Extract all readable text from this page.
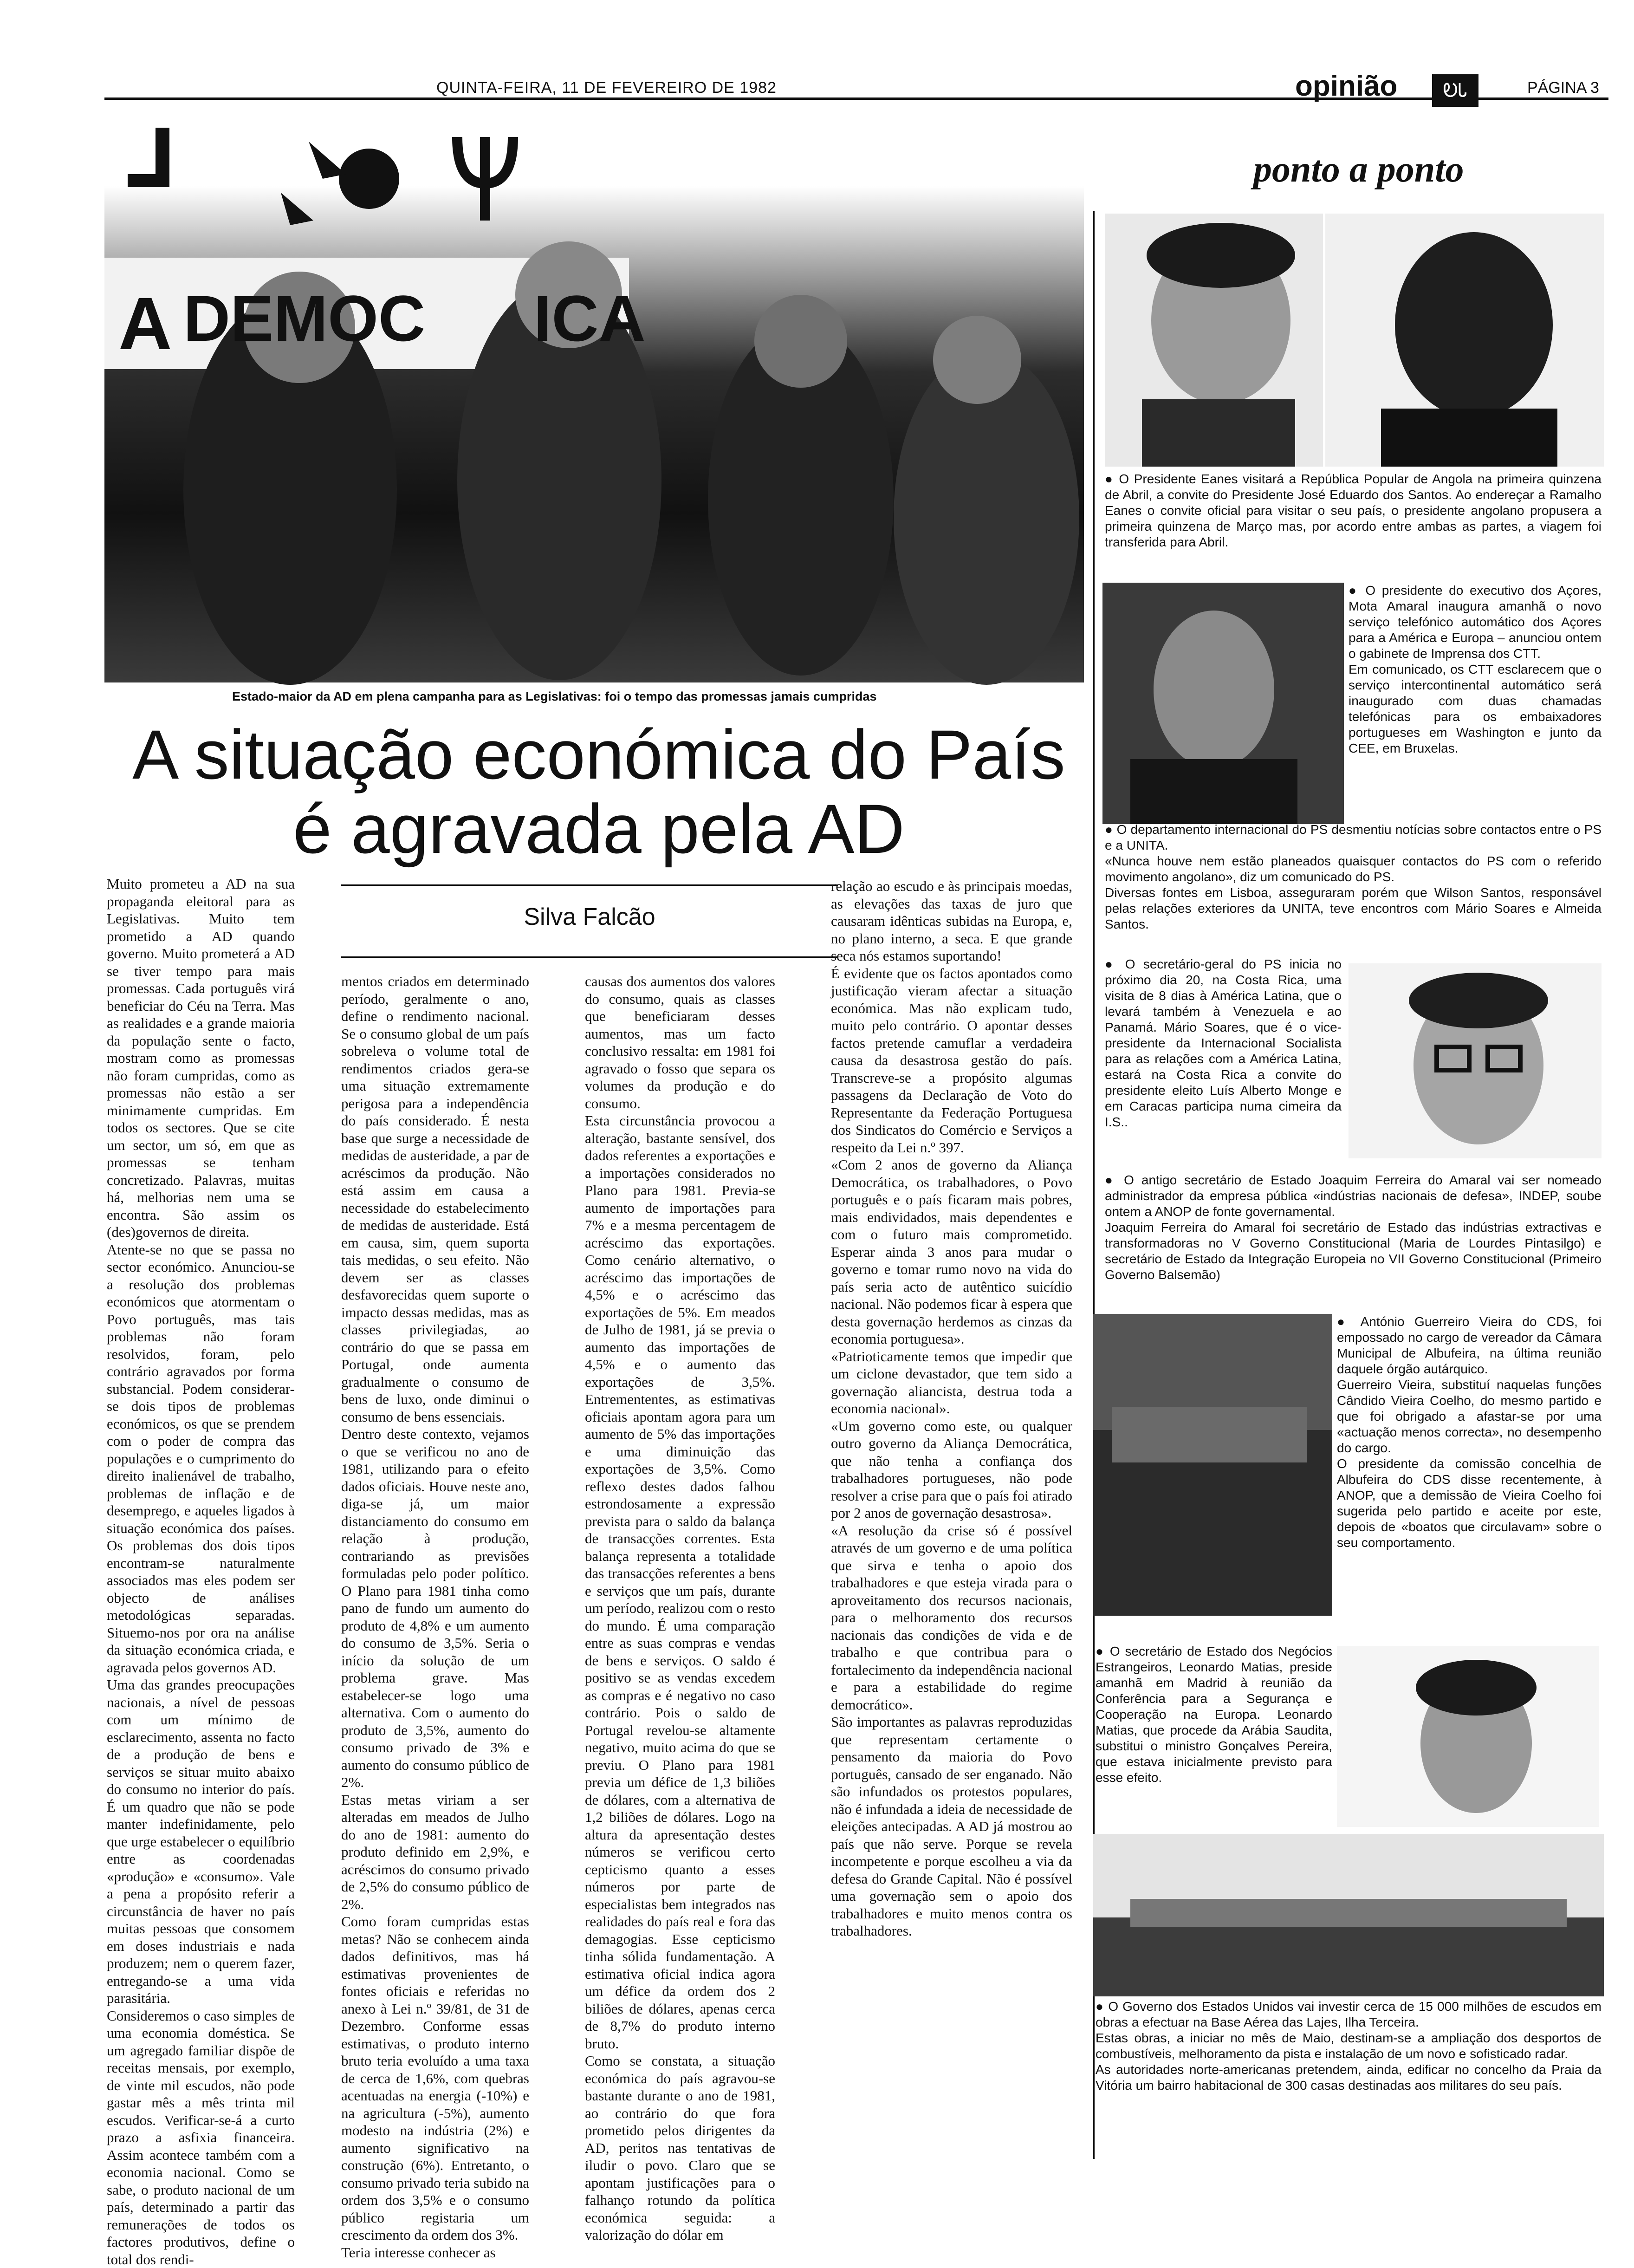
QUINTA-FEIRA, 11 DE FEVEREIRO DE 1982	opinião	ᎧᏓ	PÁGINA 3
ponto a ponto
A DEMOC      ICA
Estado-maior da AD em plena campanha para as Legislativas: foi o tempo das promessas jamais cumpridas
A situação económica do País
é agravada pela AD
Silva Falcão
Muito prometeu a AD na sua propaganda eleitoral para as Legislativas. Muito tem prometido a AD quando governo. Muito prometerá a AD se tiver tempo para mais promessas. Cada português virá beneficiar do Céu na Terra. Mas as realidades e a grande maioria da população sente o facto, mostram como as promessas não foram cumpridas, como as promessas não estão a ser minimamente cumpridas. Em todos os sectores. Que se cite um sector, um só, em que as promessas se tenham concretizado. Palavras, muitas há, melhorias nem uma se encontra. São assim os (des)governos de direita.
Atente-se no que se passa no sector económico. Anunciou-se a resolução dos problemas económicos que atormentam o Povo português, mas tais problemas não foram resolvidos, foram, pelo contrário agravados por forma substancial. Podem considerar-se dois tipos de problemas económicos, os que se prendem com o poder de compra das populações e o cumprimento do direito inalienável de trabalho, problemas de inflação e de desemprego, e aqueles ligados à situação económica dos países. Os problemas dos dois tipos encontram-se naturalmente associados mas eles podem ser objecto de análises metodológicas separadas. Situemo-nos por ora na análise da situação económica criada, e agravada pelos governos AD.
Uma das grandes preocupações nacionais, a nível de pessoas com um mínimo de esclarecimento, assenta no facto de a produção de bens e serviços se situar muito abaixo do consumo no interior do país. É um quadro que não se pode manter indefinidamente, pelo que urge estabelecer o equilíbrio entre as coordenadas «produção» e «consumo». Vale a pena a propósito referir a circunstância de haver no país muitas pessoas que consomem em doses industriais e nada produzem; nem o querem fazer, entregando-se a uma vida parasitária.
Consideremos o caso simples de uma economia doméstica. Se um agregado familiar dispõe de receitas mensais, por exemplo, de vinte mil escudos, não pode gastar mês a mês trinta mil escudos. Verificar-se-á a curto prazo a asfixia financeira. Assim acontece também com a economia nacional. Como se sabe, o produto nacional de um país, determinado a partir das remunerações de todos os factores produtivos, define o total dos rendi-
mentos criados em determinado período, geralmente o ano, define o rendimento nacional. Se o consumo global de um país sobreleva o volume total de rendimentos criados gera-se uma situação extremamente perigosa para a independência do país considerado. É nesta base que surge a necessidade de medidas de austeridade, a par de acréscimos da produção. Não está assim em causa a necessidade do estabelecimento de medidas de austeridade. Está em causa, sim, quem suporta tais medidas, o seu efeito. Não devem ser as classes desfavorecidas quem suporte o impacto dessas medidas, mas as classes privilegiadas, ao contrário do que se passa em Portugal, onde aumenta gradualmente o consumo de bens de luxo, onde diminui o consumo de bens essenciais.
Dentro deste contexto, vejamos o que se verificou no ano de 1981, utilizando para o efeito dados oficiais. Houve neste ano, diga-se já, um maior distanciamento do consumo em relação à produção, contrariando as previsões formuladas pelo poder político. O Plano para 1981 tinha como pano de fundo um aumento do produto de 4,8% e um aumento do consumo de 3,5%. Seria o início da solução de um problema grave. Mas estabelecer-se logo uma alternativa. Com o aumento do produto de 3,5%, aumento do consumo privado de 3% e aumento do consumo público de 2%.
Estas metas viriam a ser alteradas em meados de Julho do ano de 1981: aumento do produto definido em 2,9%, e acréscimos do consumo privado de 2,5% do consumo público de 2%.
Como foram cumpridas estas metas? Não se conhecem ainda dados definitivos, mas há estimativas provenientes de fontes oficiais e referidas no anexo à Lei n.º 39/81, de 31 de Dezembro. Conforme essas estimativas, o produto interno bruto teria evoluído a uma taxa de cerca de 1,6%, com quebras acentuadas na energia (-10%) e na agricultura (-5%), aumento modesto na indústria (2%) e aumento significativo na construção (6%). Entretanto, o consumo privado teria subido na ordem dos 3,5% e o consumo público registaria um crescimento da ordem dos 3%.
Teria interesse conhecer as
causas dos aumentos dos valores do consumo, quais as classes que beneficiaram desses aumentos, mas um facto conclusivo ressalta: em 1981 foi agravado o fosso que separa os volumes da produção e do consumo.
Esta circunstância provocou a alteração, bastante sensível, dos dados referentes a exportações e a importações considerados no Plano para 1981. Previa-se aumento de importações para 7% e a mesma percentagem de acréscimo das exportações. Como cenário alternativo, o acréscimo das importações de 4,5% e o acréscimo das exportações de 5%. Em meados de Julho de 1981, já se previa o aumento das importações de 4,5% e o aumento das exportações de 3,5%. Entremententes, as estimativas oficiais apontam agora para um aumento de 5% das importações e uma diminuição das exportações de 3,5%. Como reflexo destes dados falhou estrondosamente a expressão prevista para o saldo da balança de transacções correntes. Esta balança representa a totalidade das transacções referentes a bens e serviços que um país, durante um período, realizou com o resto do mundo. É uma comparação entre as suas compras e vendas de bens e serviços. O saldo é positivo se as vendas excedem as compras e é negativo no caso contrário. Pois o saldo de Portugal revelou-se altamente negativo, muito acima do que se previu. O Plano para 1981 previa um défice de 1,3 biliões de dólares, com a alternativa de 1,2 biliões de dólares. Logo na altura da apresentação destes números se verificou certo cepticismo quanto a esses números por parte de especialistas bem integrados nas realidades do país real e fora das demagogias. Esse cepticismo tinha sólida fundamentação. A estimativa oficial indica agora um défice da ordem dos 2 biliões de dólares, apenas cerca de 8,7% do produto interno bruto.
Como se constata, a situação económica do país agravou-se bastante durante o ano de 1981, ao contrário do que fora prometido pelos dirigentes da AD, peritos nas tentativas de iludir o povo. Claro que se apontam justificações para o falhanço rotundo da política económica seguida: a valorização do dólar em
relação ao escudo e às principais moedas, as elevações das taxas de juro que causaram idênticas subidas na Europa, e, no plano interno, a seca. E que grande seca nós estamos suportando!
É evidente que os factos apontados como justificação vieram afectar a situação económica. Mas não explicam tudo, muito pelo contrário. O apontar desses factos pretende camuflar a verdadeira causa da desastrosa gestão do país. Transcreve-se a propósito algumas passagens da Declaração de Voto do Representante da Federação Portuguesa dos Sindicatos do Comércio e Serviços a respeito da Lei n.º 397.
«Com 2 anos de governo da Aliança Democrática, os trabalhadores, o Povo português e o país ficaram mais pobres, mais endividados, mais dependentes e com o futuro mais comprometido. Esperar ainda 3 anos para mudar o governo e tomar rumo novo na vida do país seria acto de autêntico suicídio nacional. Não podemos ficar à espera que desta governação herdemos as cinzas da economia portuguesa».
«Patrioticamente temos que impedir que um ciclone devastador, que tem sido a governação aliancista, destrua toda a economia nacional».
«Um governo como este, ou qualquer outro governo da Aliança Democrática, que não tenha a confiança dos trabalhadores portugueses, não pode resolver a crise para que o país foi atirado por 2 anos de governação desastrosa».
«A resolução da crise só é possível através de um governo e de uma política que sirva e tenha o apoio dos trabalhadores e que esteja virada para o aproveitamento dos recursos nacionais, para o melhoramento dos recursos nacionais das condições de vida e de trabalho e que contribua para o fortalecimento da independência nacional e para a estabilidade do regime democrático».
São importantes as palavras reproduzidas que representam certamente o pensamento da maioria do Povo português, cansado de ser enganado. Não são infundados os protestos populares, não é infundada a ideia de necessidade de eleições antecipadas. A AD já mostrou ao país que não serve. Porque se revela incompetente e porque escolheu a via da defesa do Grande Capital. Não é possível uma governação sem o apoio dos trabalhadores e muito menos contra os trabalhadores.
● O Presidente Eanes visitará a República Popular de Angola na primeira quinzena de Abril, a convite do Presidente José Eduardo dos Santos. Ao endereçar a Ramalho Eanes o convite oficial para visitar o seu país, o presidente angolano propusera a primeira quinzena de Março mas, por acordo entre ambas as partes, a viagem foi transferida para Abril.
● O presidente do executivo dos Açores, Mota Amaral inaugura amanhã o novo serviço telefónico automático dos Açores para a América e Europa – anunciou ontem o gabinete de Imprensa dos CTT.
Em comunicado, os CTT esclarecem que o serviço intercontinental automático será inaugurado com duas chamadas telefónicas para os embaixadores portugueses em Washington e junto da CEE, em Bruxelas.
● O departamento internacional do PS desmentiu notícias sobre contactos entre o PS e a UNITA.
«Nunca houve nem estão planeados quaisquer contactos do PS com o referido movimento angolano», diz um comunicado do PS.
Diversas fontes em Lisboa, asseguraram porém que Wilson Santos, responsável pelas relações exteriores da UNITA, teve encontros com Mário Soares e Almeida Santos.
● O secretário-geral do PS inicia no próximo dia 20, na Costa Rica, uma visita de 8 dias à América Latina, que o levará também à Venezuela e ao Panamá. Mário Soares, que é o vice-presidente da Internacional Socialista para as relações com a América Latina, estará na Costa Rica a convite do presidente eleito Luís Alberto Monge e em Caracas participa numa cimeira da I.S..
● O antigo secretário de Estado Joaquim Ferreira do Amaral vai ser nomeado administrador da empresa pública «indústrias nacionais de defesa», INDEP, soube ontem a ANOP de fonte governamental.
Joaquim Ferreira do Amaral foi secretário de Estado das indústrias extractivas e transformadoras no V Governo Constitucional (Maria de Lourdes Pintasilgo) e secretário de Estado da Integração Europeia no VII Governo Constitucional (Primeiro Governo Balsemão)
● António Guerreiro Vieira do CDS, foi empossado no cargo de vereador da Câmara Municipal de Albufeira, na última reunião daquele órgão autárquico.
Guerreiro Vieira, substituí naquelas funções Cândido Vieira Coelho, do mesmo partido e que foi obrigado a afastar-se por uma «actuação menos correcta», no desempenho do cargo.
O presidente da comissão concelhia de Albufeira do CDS disse recentemente, à ANOP, que a demissão de Vieira Coelho foi sugerida pelo partido e aceite por este, depois de «boatos que circulavam» sobre o seu comportamento.
● O secretário de Estado dos Negócios Estrangeiros, Leonardo Matias, preside amanhã em Madrid à reunião da Conferência para a Segurança e Cooperação na Europa. Leonardo Matias, que procede da Arábia Saudita, substitui o ministro Gonçalves Pereira, que estava inicialmente previsto para esse efeito.
● O Governo dos Estados Unidos vai investir cerca de 15 000 milhões de escudos em obras a efectuar na Base Aérea das Lajes, Ilha Terceira.
Estas obras, a iniciar no mês de Maio, destinam-se a ampliação dos desportos de combustíveis, melhoramento da pista e instalação de um novo e sofisticado radar.
As autoridades norte-americanas pretendem, ainda, edificar no concelho da Praia da Vitória um bairro habitacional de 300 casas destinadas aos militares do seu país.
